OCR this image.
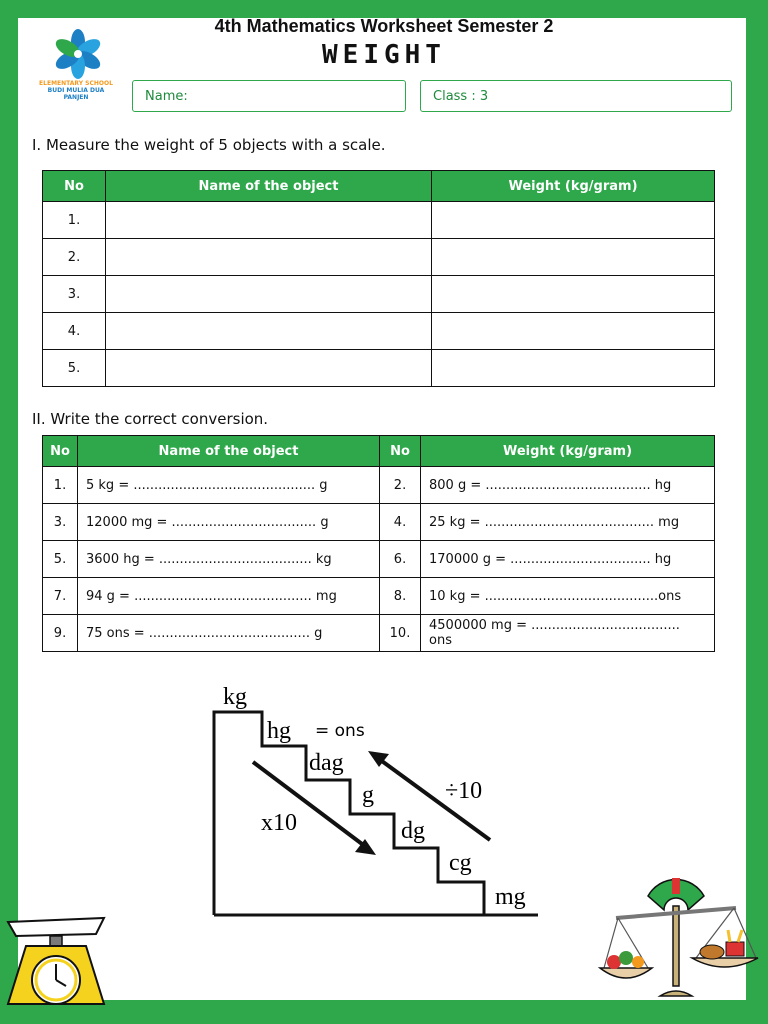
ELEMENTARY SCHOOL
BUDI MULIA DUA
PANJEN
4th Mathematics Worksheet Semester 2
WEIGHT
Name:	Class : 3
I. Measure the weight of 5 objects with a scale.
No	Name of the object	Weight (kg/gram)
1.		
2.		
3.		
4.		
5.		
II. Write the correct conversion.
No	Name of the object	No	Weight (kg/gram)
1.	5 kg = ............................................ g	2.	800 g = ........................................ hg
3.	12000 mg = ................................... g	4.	25 kg = ......................................... mg
5.	3600 hg = ..................................... kg	6.	170000 g = .................................. hg
7.	94 g = ........................................... mg	8.	10 kg = ..........................................ons
9.	75 ons = ....................................... g	10.	4500000 mg = .................................... ons
kg
hg = ons
dag
g
dg
cg
mg
x10
÷10
